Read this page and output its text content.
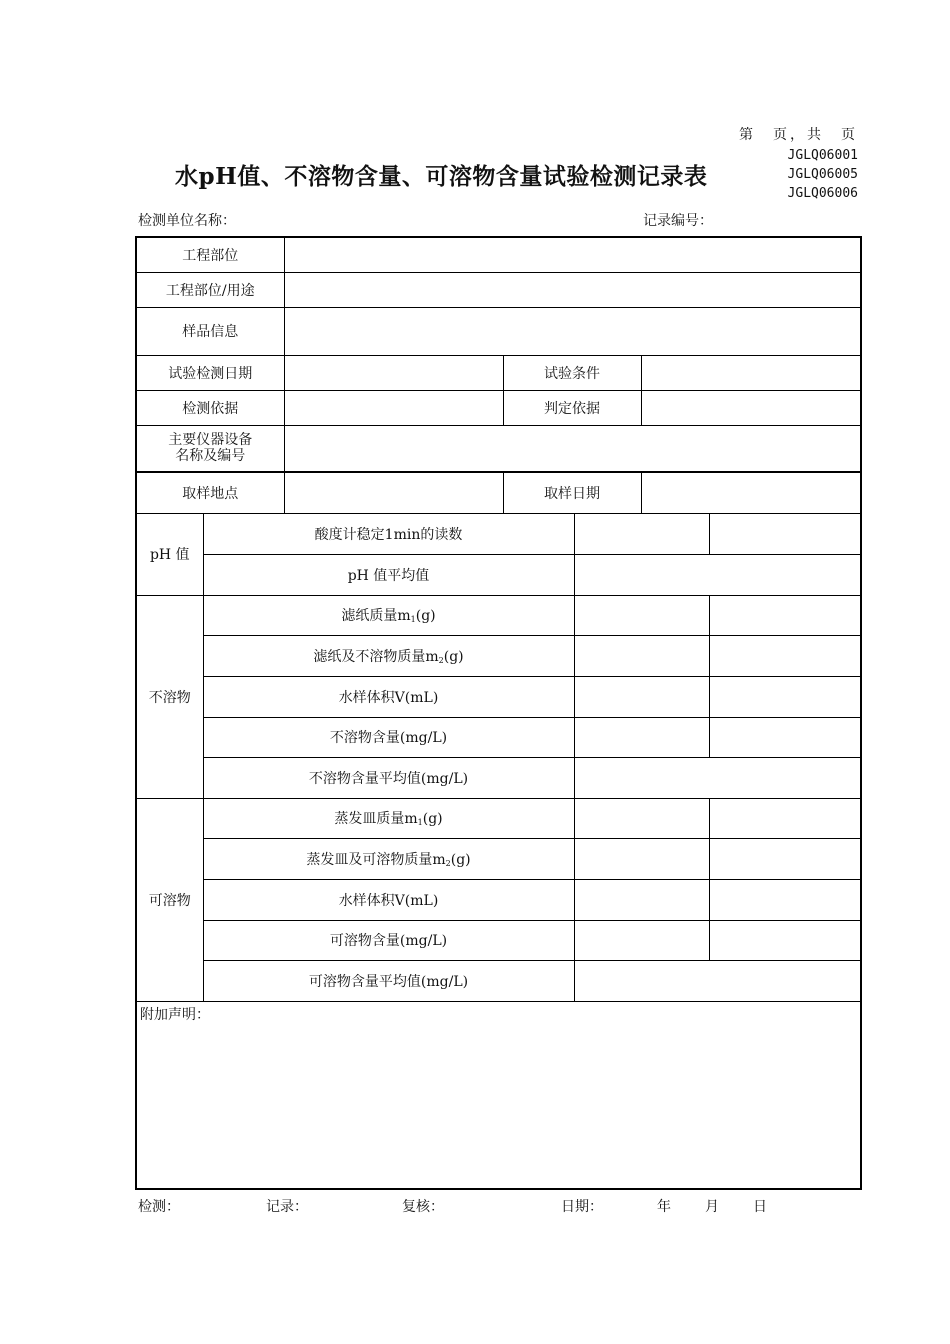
第　页，共　页
JGLQ06001
JGLQ06005
JGLQ06006
水pH值、不溶物含量、可溶物含量试验检测记录表
检测单位名称：	记录编号：
工程部位						
工程部位/用途						
样品信息						
试验检测日期			试验条件			
检测依据			判定依据			

主要仪器设备
名称及编号						

取样地点			取样日期			
pH 值	酸度计稳定1min的读数					
	pH 值平均值					
不溶物	滤纸质量$m_1(g)$					
	滤纸及不溶物质量$m_2(g)$					
	水样体积V(mL)					
	不溶物含量(mg/L)					
	不溶物含量平均值(mg/L)					
可溶物	蒸发皿质量$m_1(g)$					
	蒸发皿及可溶物质量$m_2(g)$					
	水样体积V(mL)					
	可溶物含量(mg/L)					
	可溶物含量平均值(mg/L)					
附加声明：						
检测：	记录：	复核：	日期：	年 月 日
